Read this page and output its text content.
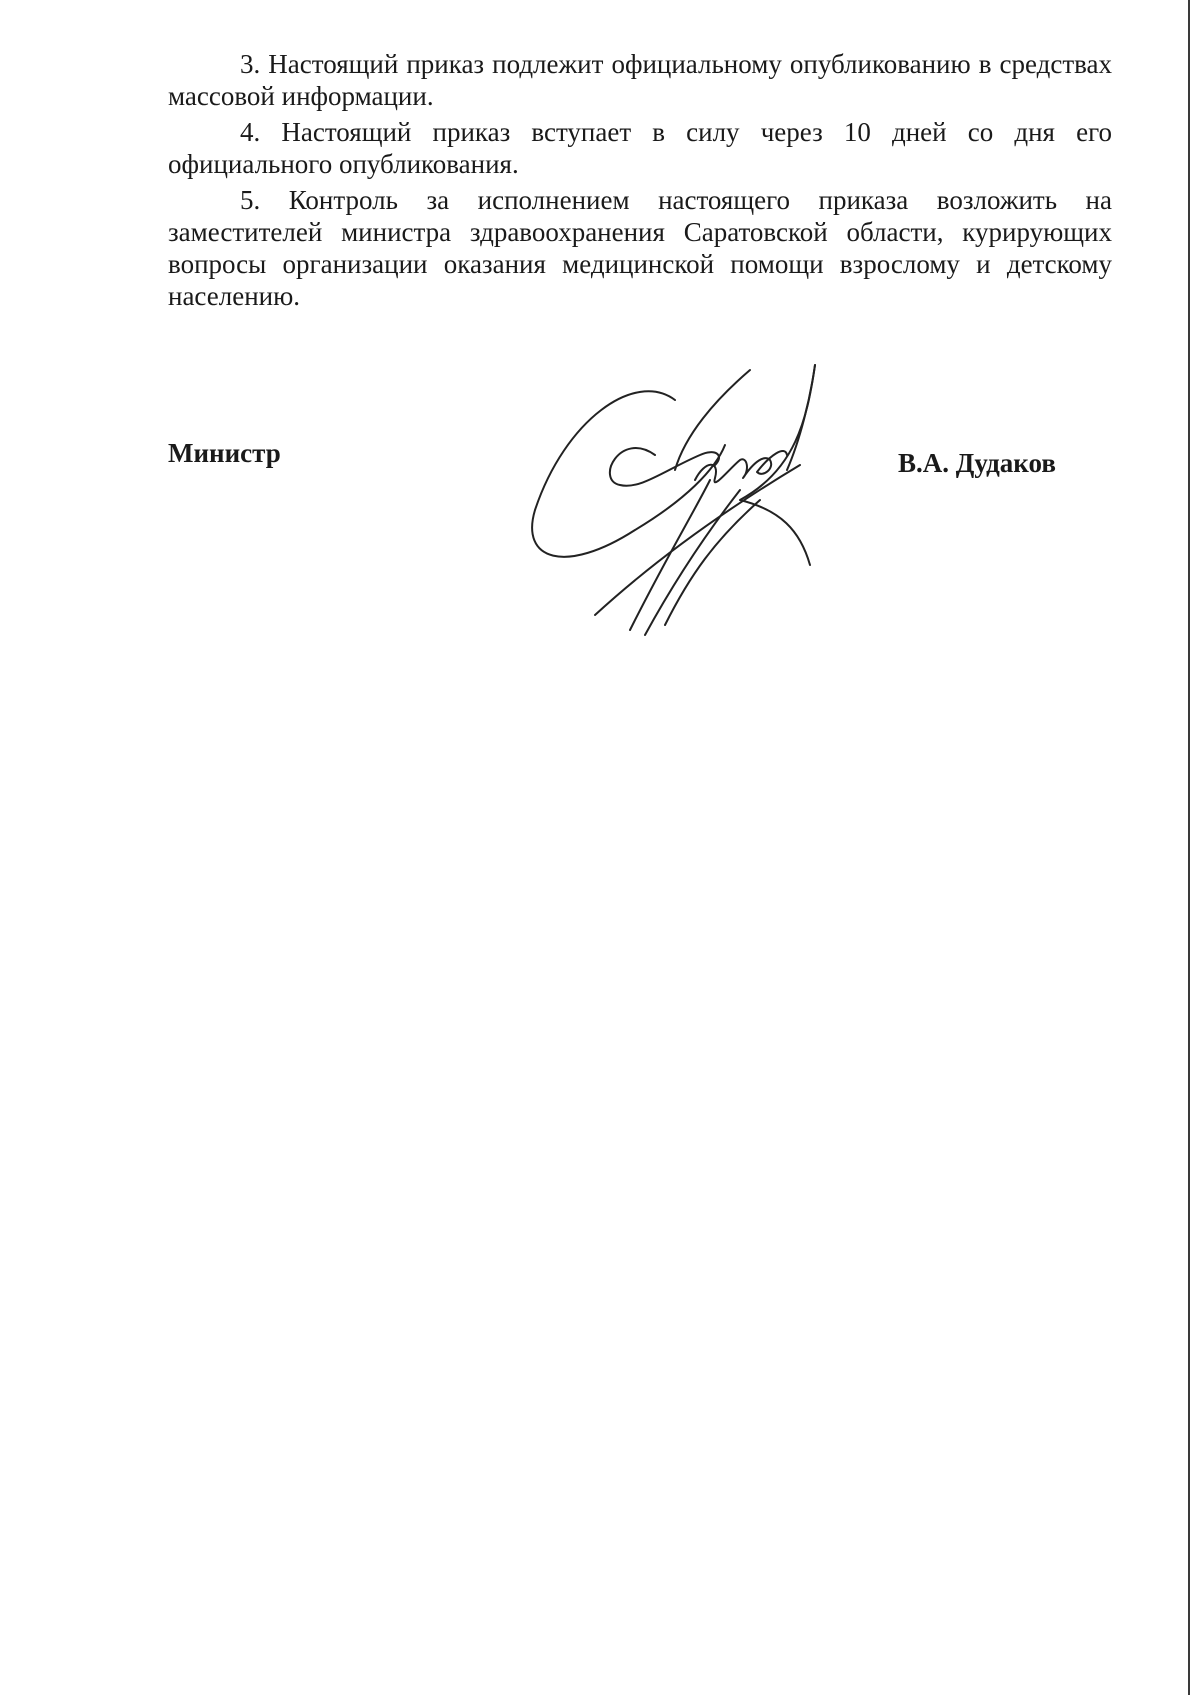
3. Настоящий приказ подлежит официальному опубликованию в средствах массовой информации.

4. Настоящий приказ вступает в силу через 10 дней со дня его официального опубликования.

5. Контроль за исполнением настоящего приказа возложить на заместителей министра здравоохранения Саратовской области, курирующих вопросы организации оказания медицинской помощи взрослому и детскому населению.

Министр	В.А. Дудаков
